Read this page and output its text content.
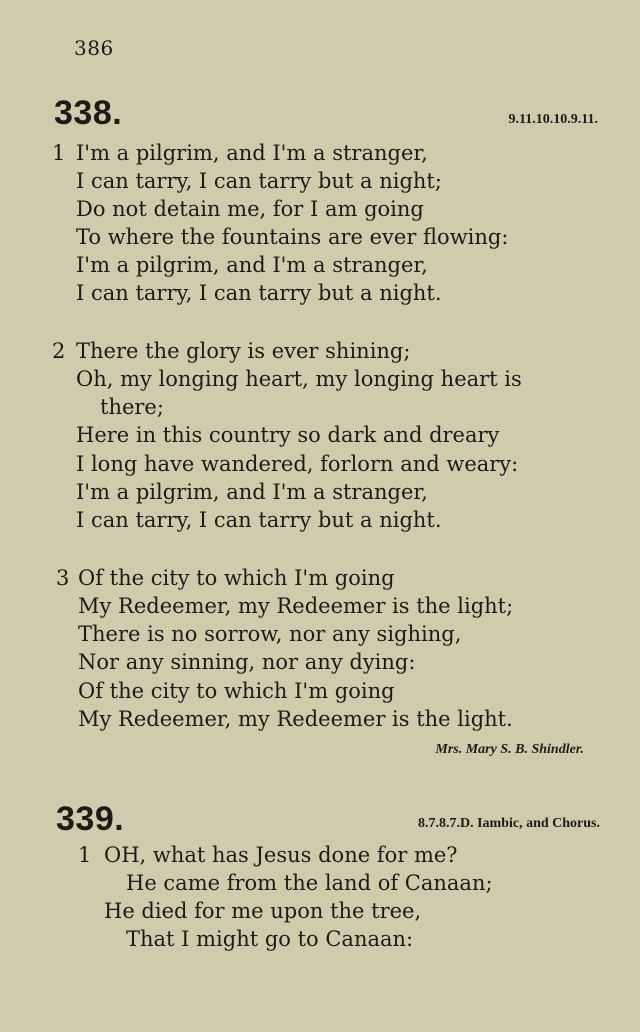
386
338.	9.11.10.10.9.11.
1 I'm a pilgrim, and I'm a stranger,
I can tarry, I can tarry but a night;
Do not detain me, for I am going
To where the fountains are ever flowing:
I'm a pilgrim, and I'm a stranger,
I can tarry, I can tarry but a night.
2 There the glory is ever shining;
Oh, my longing heart, my longing heart is
there;
Here in this country so dark and dreary
I long have wandered, forlorn and weary:
I'm a pilgrim, and I'm a stranger,
I can tarry, I can tarry but a night.
3 Of the city to which I'm going
My Redeemer, my Redeemer is the light;
There is no sorrow, nor any sighing,
Nor any sinning, nor any dying:
Of the city to which I'm going
My Redeemer, my Redeemer is the light.
Mrs. Mary S. B. Shindler.
339.	8.7.8.7.D. Iambic, and Chorus.
1 OH, what has Jesus done for me?
He came from the land of Canaan;
He died for me upon the tree,
That I might go to Canaan:
